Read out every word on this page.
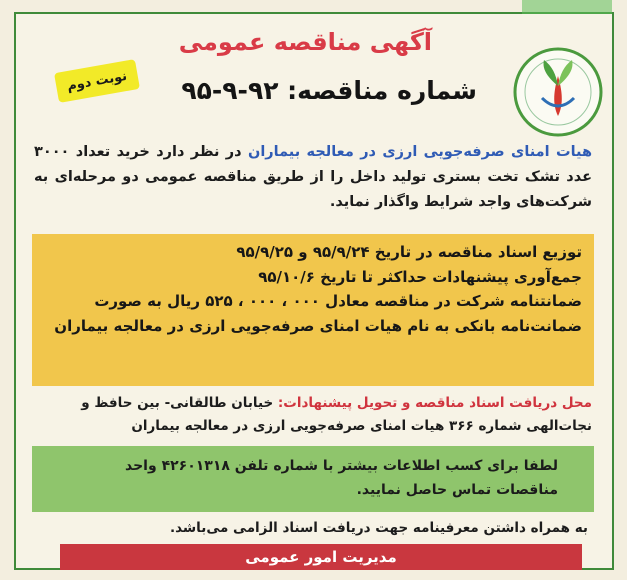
آگهی مناقصه عمومی
شماره مناقصه: ۹۲-۹-۹۵
نوبت دوم
هیات امنای صرفه‌جویی ارزی در معالجه بیماران در نظر دارد خرید تعداد ۳۰۰۰ عدد تشک تخت بستری تولید داخل را از طریق مناقصه عمومی دو مرحله‌ای به شرکت‌های واجد شرایط واگذار نماید.
توزیع اسناد مناقصه در تاریخ ۹۵/۹/۲۴ و ۹۵/۹/۲۵
جمع‌آوری پیشنهادات حداکثر تا تاریخ ۹۵/۱۰/۶
ضمانتنامه شرکت در مناقصه معادل ۰۰۰ ، ۰۰۰ ، ۵۲۵ ریال به صورت ضمانت‌نامه بانکی به نام هیات امنای صرفه‌جویی ارزی در معالجه بیماران
محل دریافت اسناد مناقصه و تحویل پیشنهادات: خیابان طالقانی- بین حافظ و نجات‌الهی شماره ۳۶۶ هیات امنای صرفه‌جویی ارزی در معالجه بیماران
لطفا برای کسب اطلاعات بیشتر با شماره تلفن ۴۲۶۰۱۳۱۸ واحد مناقصات تماس حاصل نمایید.
به همراه داشتن معرفینامه جهت دریافت اسناد الزامی می‌باشد.
مدیریت امور عمومی
